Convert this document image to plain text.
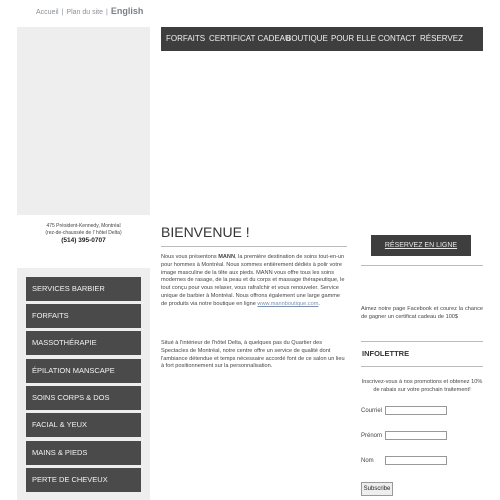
Accueil | Plan du site | English
475 Président-Kennedy, Montréal
(rez-de-chaussée de l' hôtel Delta)
(514) 395-0707
SERVICES BARBIER
FORFAITS
MASSOTHÉRAPIE
ÉPILATION MANSCAPE
SOINS CORPS & DOS
FACIAL & YEUX
MAINS & PIEDS
PERTE DE CHEVEUX
FORFAITS CERTIFICAT CADEAU
BOUTIQUE POUR ELLE CONTACT RÉSERVEZ
BIENVENUE !
Nous vous présentons MANN, la première destination de soins tout-en-un pour hommes à Montréal. Nous sommes entièrement dédiés à polir votre image masculine de la tête aux pieds. MANN vous offre tous les soins modernes de rasage, de la peau et du corps et massage thérapeutique, le tout conçu pour vous relaxer, vous rafraîchir et vous renouveler. Service unique de barbier à Montréal. Nous offrons également une large gamme de produits via notre boutique en ligne www.mannboutique.com.
Situé à l'intérieur de l'hôtel Delta, à quelques pas du Quartier des Spectacles de Montréal, notre centre offre un service de qualité dont l'ambiance détendue et temps nécessaire accordé font de ce salon un lieu à fort positionnement sur la personnalisation.
RÉSERVEZ EN LIGNE
Aimez notre page Facebook et courez la chance de gagner un certificat cadeau de 100$
INFOLETTRE
Inscrivez-vous à nos promotions et obtenez 10% de rabais sur votre prochain traitement!
Courriel
Prénom
Nom
Subscribe
